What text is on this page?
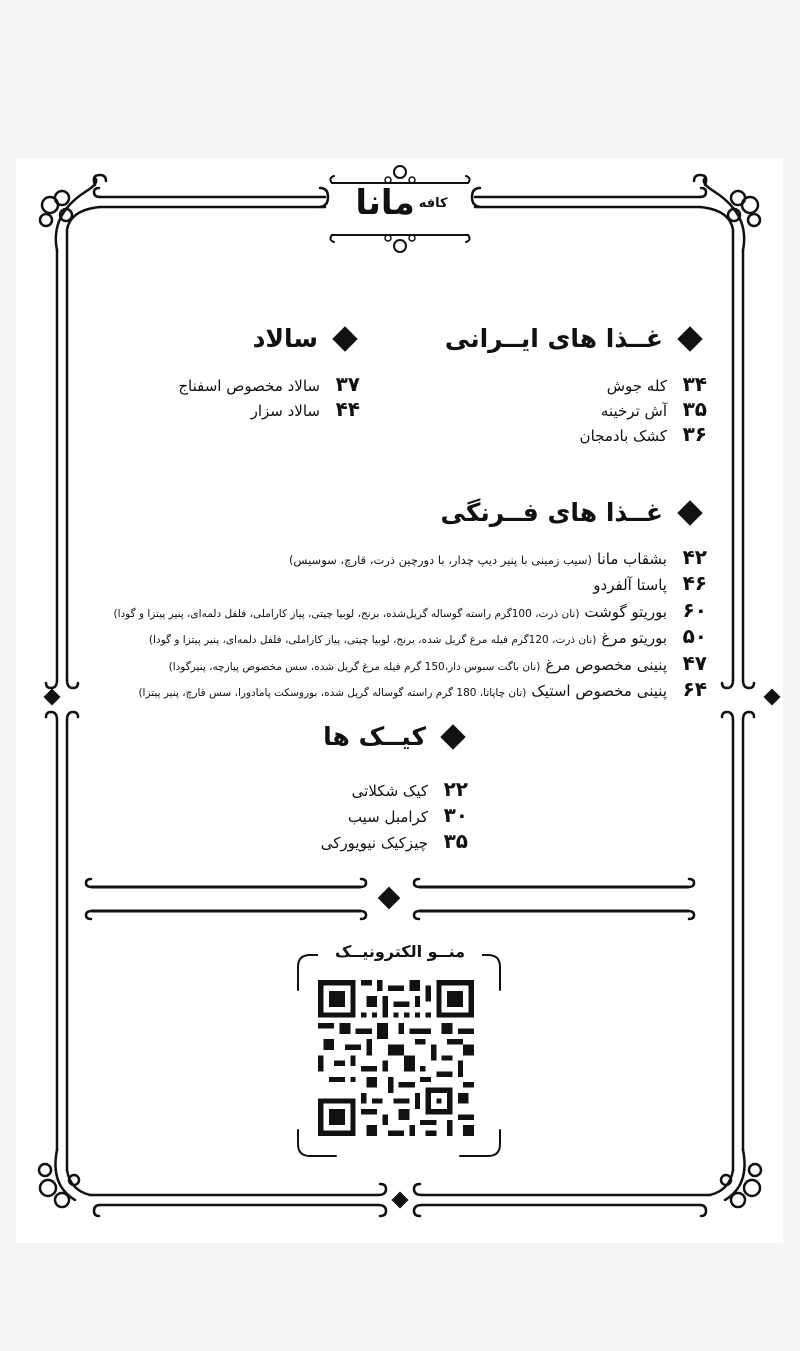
مانا کافه
غــذا های ایــرانی
۳۴
کله جوش
۳۵
آش ترخینه
۳۶
کشک بادمجان
سالاد
۳۷
سالاد مخصوص اسفناج
۴۴
سالاد سزار
غــذا های فــرنگی
۴۲
بشقاب مانا
(سیب زمینی با پنیر دیپ چدار، با دورچین ذرت، قارچ، سوسیس)
۴۶
پاستا آلفردو
۶۰
بوریتو گوشت
(نان ذرت، 100گرم راسته گوساله گریل‌شده، برنج، لوبیا چیتی، پیاز کاراملی، فلفل دلمه‌ای، پنیر پیتزا و گودا)
۵۰
بوریتو مرغ
(نان ذرت، 120گرم فیله مرغ گریل شده، برنج، لوبیا چیتی، پیاز کاراملی، فلفل دلمه‌ای، پنیر پیتزا و گودا)
۴۷
پنینی مخصوص مرغ
(نان باگت سبوس دار،150 گرم فیله مرغ گریل شده، سس مخصوص پیازچه، پنیرگودا)
۶۴
پنینی مخصوص استیک
(نان چاپاتا، 180 گرم راسته گوساله گریل شده، بوروسکت پامادورا، سس قارچ، پنیر پیتزا)
کیــک ها
۲۲
کیک شکلاتی
۳۰
کرامبل سیب
۳۵
چیزکیک نیویورکی
منــو الکترونیــک
